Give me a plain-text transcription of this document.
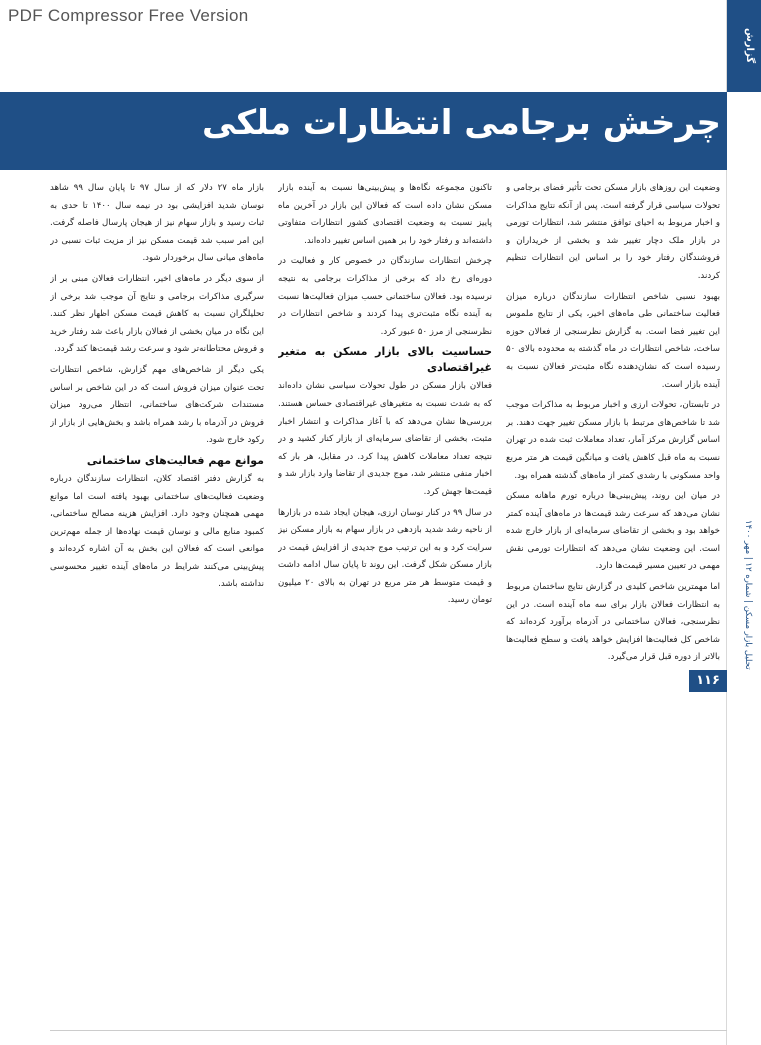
PDF Compressor Free Version
گزارش
تحلیل بازار مسکن | شماره ۱۲ | مهر ۱۴۰۰
۱۱۶
چرخش برجامی انتظارات ملکی

وضعیت این روزهای بازار مسکن تحت تأثیر فضای برجامی و تحولات سیاسی قرار گرفته است. پس از آنکه نتایج مذاکرات و اخبار مربوط به احیای توافق منتشر شد، انتظارات تورمی در بازار ملک دچار تغییر شد و بخشی از خریداران و فروشندگان رفتار خود را بر اساس این انتظارات تنظیم کردند.

بهبود نسبی شاخص انتظارات سازندگان درباره میزان فعالیت ساختمانی طی ماه‌های اخیر، یکی از نتایج ملموس این تغییر فضا است. به گزارش نظرسنجی از فعالان حوزه ساخت، شاخص انتظارات در ماه گذشته به محدوده بالای ۵۰ رسیده است که نشان‌دهنده نگاه مثبت‌تر فعالان نسبت به آینده بازار است.

در تابستان، تحولات ارزی و اخبار مربوط به مذاکرات موجب شد تا شاخص‌های مرتبط با بازار مسکن تغییر جهت دهند. بر اساس گزارش مرکز آمار، تعداد معاملات ثبت شده در تهران نسبت به ماه قبل کاهش یافت و میانگین قیمت هر متر مربع واحد مسکونی با رشدی کمتر از ماه‌های گذشته همراه بود.

در میان این روند، پیش‌بینی‌ها درباره تورم ماهانه مسکن نشان می‌دهد که سرعت رشد قیمت‌ها در ماه‌های آینده کمتر خواهد بود و بخشی از تقاضای سرمایه‌ای از بازار خارج شده است. این وضعیت نشان می‌دهد که انتظارات تورمی نقش مهمی در تعیین مسیر قیمت‌ها دارد.

اما مهمترین شاخص کلیدی در گزارش نتایج ساختمان مربوط به انتظارات فعالان بازار برای سه ماه آینده است. در این نظرسنجی، فعالان ساختمانی در آذرماه برآورد کرده‌اند که شاخص کل فعالیت‌ها افزایش خواهد یافت و سطح فعالیت‌ها بالاتر از دوره قبل قرار می‌گیرد.

تاکنون مجموعه نگاه‌ها و پیش‌بینی‌ها نسبت به آینده بازار مسکن نشان داده است که فعالان این بازار در آخرین ماه پاییز نسبت به وضعیت اقتصادی کشور انتظارات متفاوتی داشته‌اند و رفتار خود را بر همین اساس تغییر داده‌اند.

چرخش انتظارات سازندگان در خصوص کار و فعالیت در دوره‌ای رخ داد که برخی از مذاکرات برجامی به نتیجه نرسیده بود. فعالان ساختمانی حسب میزان فعالیت‌ها نسبت به آینده نگاه مثبت‌تری پیدا کردند و شاخص انتظارات در نظرسنجی از مرز ۵۰ عبور کرد.

حساسیت بالای بازار مسکن به متغیر غیراقتصادی

فعالان بازار مسکن در طول تحولات سیاسی نشان داده‌اند که به شدت نسبت به متغیرهای غیراقتصادی حساس هستند. بررسی‌ها نشان می‌دهد که با آغاز مذاکرات و انتشار اخبار مثبت، بخشی از تقاضای سرمایه‌ای از بازار کنار کشید و در نتیجه تعداد معاملات کاهش پیدا کرد. در مقابل، هر بار که اخبار منفی منتشر شد، موج جدیدی از تقاضا وارد بازار شد و قیمت‌ها جهش کرد.

در سال ۹۹ در کنار نوسان ارزی، هیجان ایجاد شده در بازارها از ناحیه رشد شدید بازدهی در بازار سهام به بازار مسکن نیز سرایت کرد و به این ترتیب موج جدیدی از افزایش قیمت در بازار مسکن شکل گرفت. این روند تا پایان سال ادامه داشت و قیمت متوسط هر متر مربع در تهران به بالای ۲۰ میلیون تومان رسید.

بازار ماه ۲۷ دلار که از سال ۹۷ تا پایان سال ۹۹ شاهد نوسان شدید افزایشی بود در نیمه سال ۱۴۰۰ تا حدی به ثبات رسید و بازار سهام نیز از هیجان پارسال فاصله گرفت. این امر سبب شد قیمت مسکن نیز از مزیت ثبات نسبی در ماه‌های میانی سال برخوردار شود.

از سوی دیگر در ماه‌های اخیر، انتظارات فعالان مبنی بر از سرگیری مذاکرات برجامی و نتایج آن موجب شد برخی از تحلیلگران نسبت به کاهش قیمت مسکن اظهار نظر کنند. این نگاه در میان بخشی از فعالان بازار باعث شد رفتار خرید و فروش محتاطانه‌تر شود و سرعت رشد قیمت‌ها کند گردد.

یکی دیگر از شاخص‌های مهم گزارش، شاخص انتظارات تحت عنوان میزان فروش است که در این شاخص بر اساس مستندات شرکت‌های ساختمانی، انتظار می‌رود میزان فروش در آذرماه با رشد همراه باشد و بخش‌هایی از بازار از رکود خارج شود.

موانع مهم فعالیت‌های ساختمانی

به گزارش دفتر اقتصاد کلان، انتظارات سازندگان درباره وضعیت فعالیت‌های ساختمانی بهبود یافته است اما موانع مهمی همچنان وجود دارد. افزایش هزینه مصالح ساختمانی، کمبود منابع مالی و نوسان قیمت نهاده‌ها از جمله مهم‌ترین موانعی است که فعالان این بخش به آن اشاره کرده‌اند و پیش‌بینی می‌کنند شرایط در ماه‌های آینده تغییر محسوسی نداشته باشد.
